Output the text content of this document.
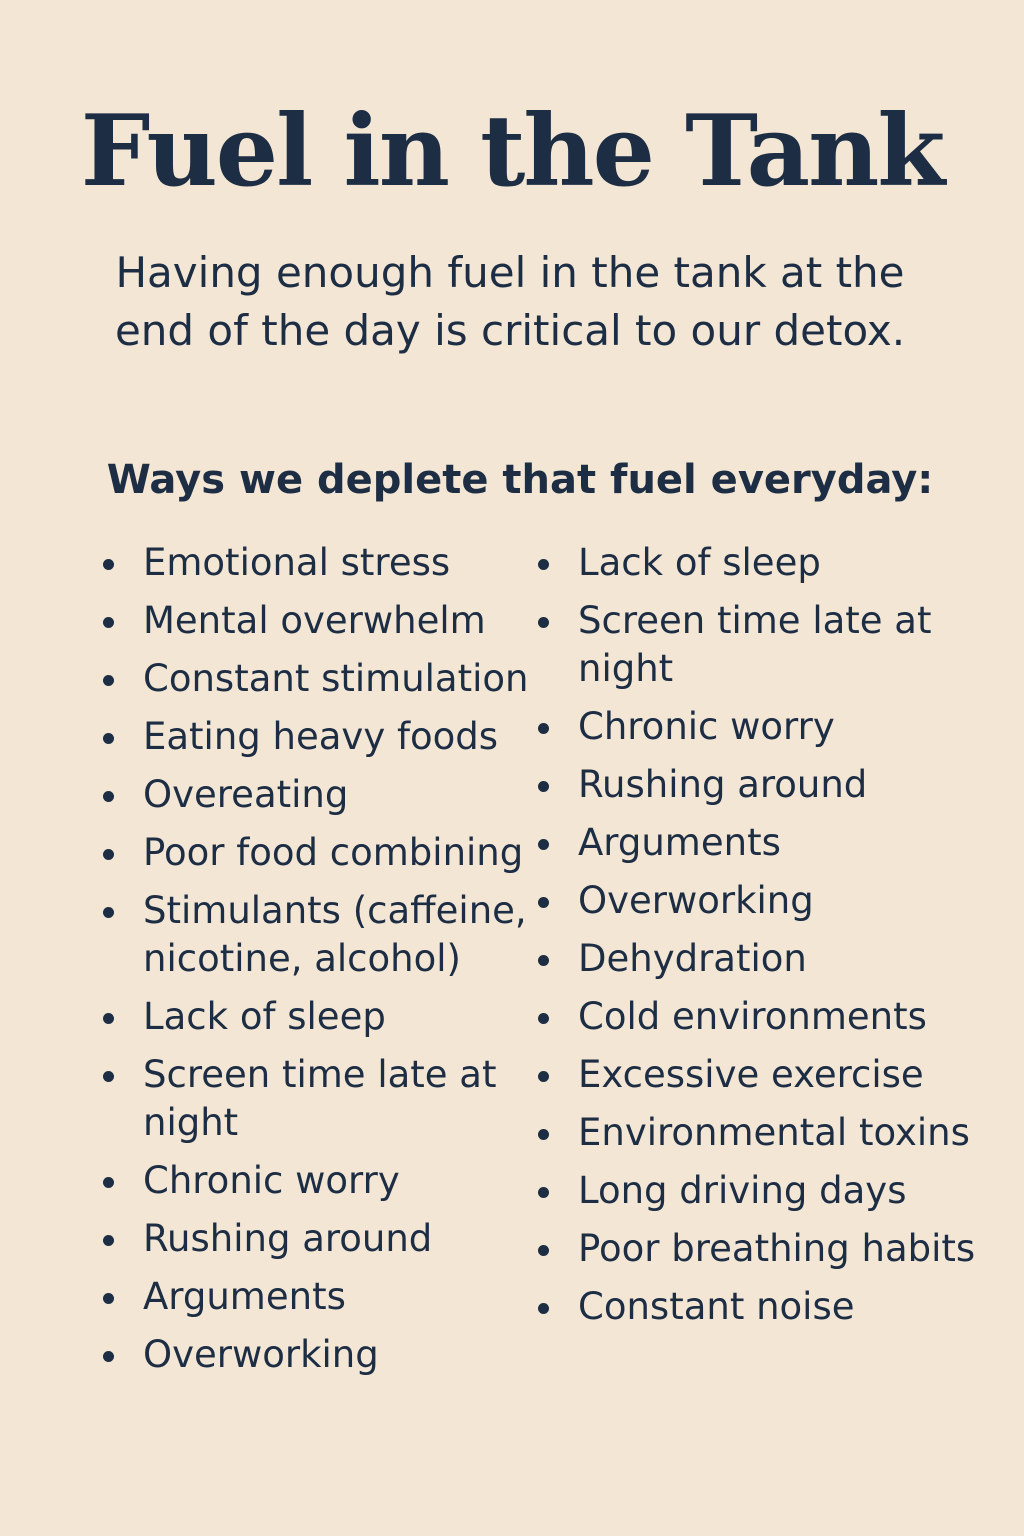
Fuel in the Tank

Having enough fuel in the tank at the end of the day is critical to our detox.

Ways we deplete that fuel everyday:
Emotional stress
Mental overwhelm
Constant stimulation
Eating heavy foods
Overeating
Poor food combining
Stimulants (caffeine, nicotine, alcohol)
Lack of sleep
Screen time late at night
Chronic worry
Rushing around
Arguments
Overworking
Lack of sleep
Screen time late at night
Chronic worry
Rushing around
Arguments
Overworking
Dehydration
Cold environments
Excessive exercise
Environmental toxins
Long driving days
Poor breathing habits
Constant noise
